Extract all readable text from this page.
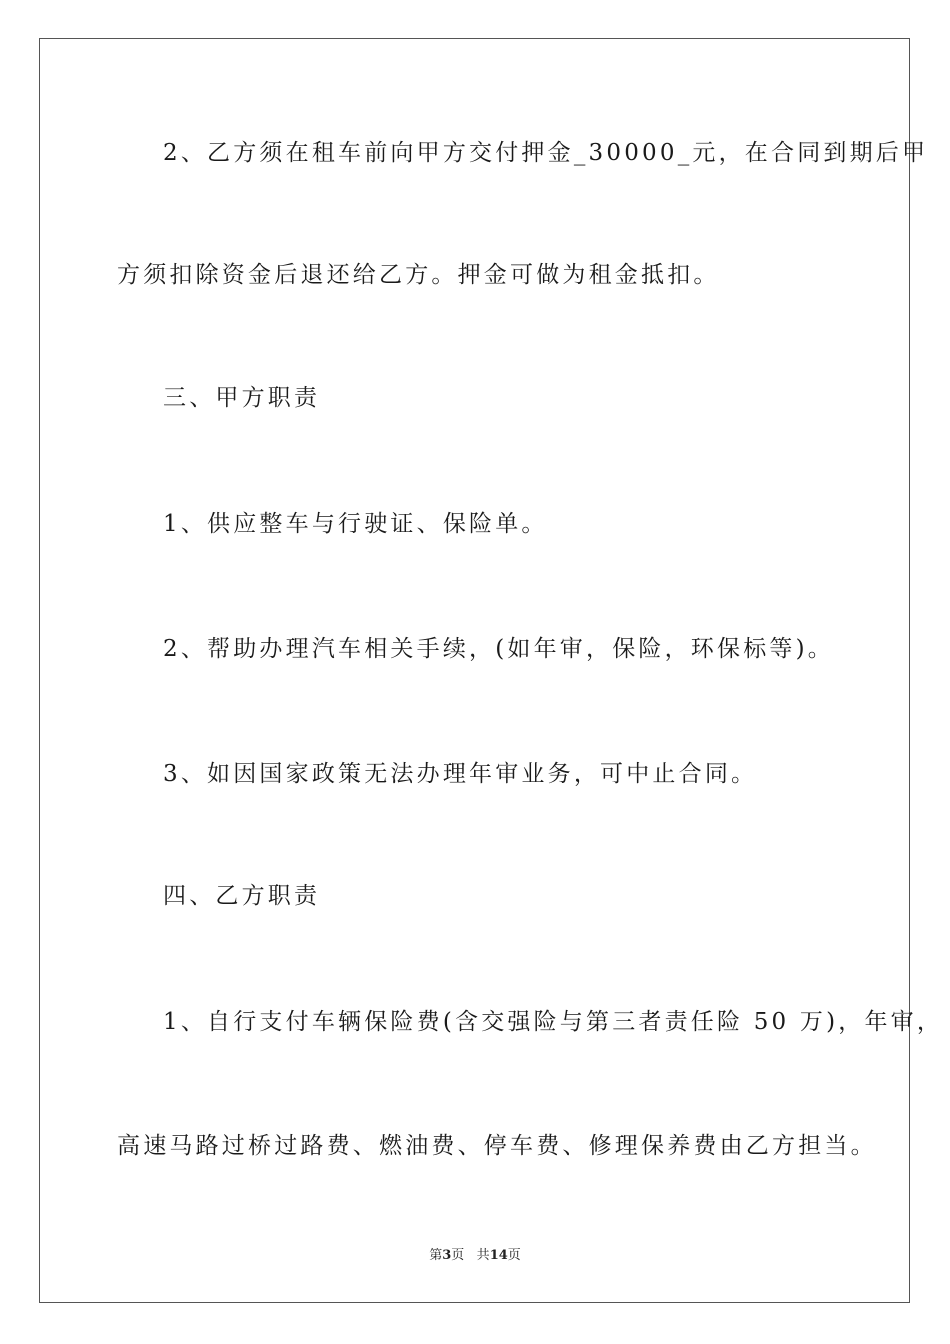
2、乙方须在租车前向甲方交付押金_30000_元，在合同到期后甲
方须扣除资金后退还给乙方。押金可做为租金抵扣。
三、甲方职责
1、供应整车与行驶证、保险单。
2、帮助办理汽车相关手续，(如年审，保险，环保标等)。
3、如因国家政策无法办理年审业务，可中止合同。
四、乙方职责
1、自行支付车辆保险费(含交强险与第三者责任险 50 万)，年审，
高速马路过桥过路费、燃油费、停车费、修理保养费由乙方担当。
第3页 共14页
